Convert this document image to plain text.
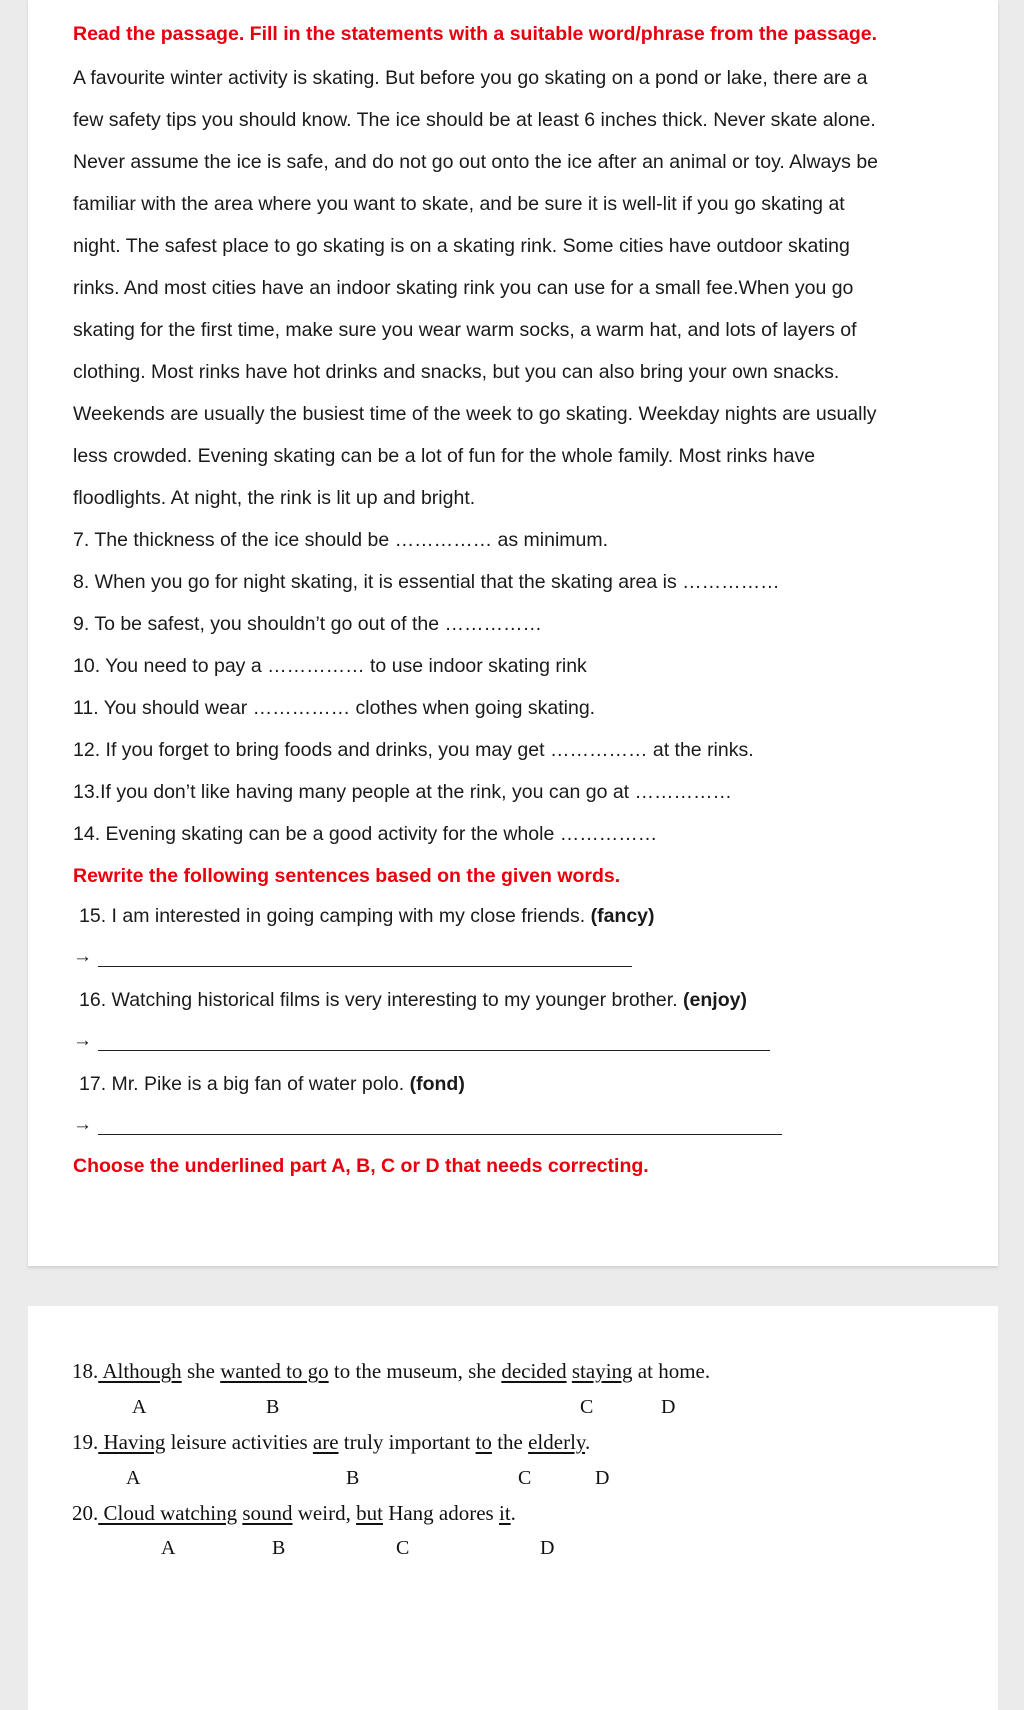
Read the passage. Fill in the statements with a suitable word/phrase from the passage.
A favourite winter activity is skating. But before you go skating on a pond or lake, there are a
few safety tips you should know. The ice should be at least 6 inches thick. Never skate alone.
Never assume the ice is safe, and do not go out onto the ice after an animal or toy. Always be
familiar with the area where you want to skate, and be sure it is well-lit if you go skating at
night. The safest place to go skating is on a skating rink. Some cities have outdoor skating
rinks. And most cities have an indoor skating rink you can use for a small fee.When you go
skating for the first time, make sure you wear warm socks, a warm hat, and lots of layers of
clothing. Most rinks have hot drinks and snacks, but you can also bring your own snacks.
Weekends are usually the busiest time of the week to go skating. Weekday nights are usually
less crowded. Evening skating can be a lot of fun for the whole family. Most rinks have
floodlights. At night, the rink is lit up and bright.
7. The thickness of the ice should be …………… as minimum.
8. When you go for night skating, it is essential that the skating area is ……………
9. To be safest, you shouldn’t go out of the ……………
10. You need to pay a …………… to use indoor skating rink
11. You should wear …………… clothes when going skating.
12. If you forget to bring foods and drinks, you may get …………… at the rinks.
13.If you don’t like having many people at the rink, you can go at ……………
14. Evening skating can be a good activity for the whole ……………
Rewrite the following sentences based on the given words.
15. I am interested in going camping with my close friends. (fancy)
→
16. Watching historical films is very interesting to my younger brother. (enjoy)
→
17. Mr. Pike is a big fan of water polo. (fond)
→
Choose the underlined part A, B, C or D that needs correcting.
18. Although she wanted to go to the museum, she decided staying at home.
A	B	C	D
19. Having leisure activities are truly important to the elderly.
A	B	C	D
20. Cloud watching sound weird, but Hang adores it.
A	B	C	D
